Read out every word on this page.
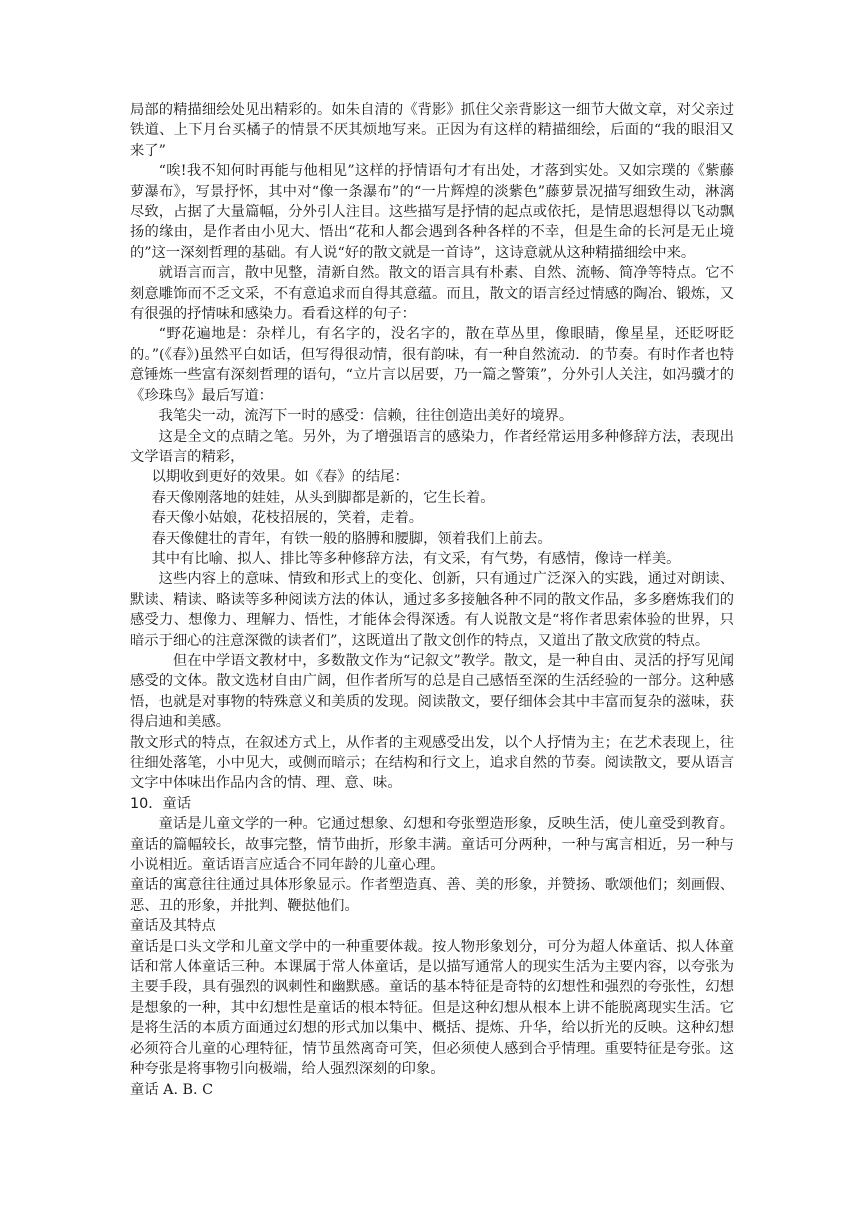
局部的精描细绘处见出精彩的。如朱自清的《背影》抓住父亲背影这一细节大做文章，对父亲过铁道、上下月台买橘子的情景不厌其烦地写来。正因为有这样的精描细绘，后面的“我的眼泪又来了”

“唉!我不知何时再能与他相见”这样的抒情语句才有出处，才落到实处。又如宗璞的《紫藤萝瀑布》，写景抒怀，其中对“像一条瀑布”的“一片辉煌的淡紫色”藤萝景况描写细致生动，淋漓尽致，占据了大量篇幅，分外引人注目。这些描写是抒情的起点或依托，是情思遐想得以飞动飘扬的缘由，是作者由小见大、悟出“花和人都会遇到各种各样的不幸，但是生命的长河是无止境的”这一深刻哲理的基础。有人说“好的散文就是一首诗”，这诗意就从这种精描细绘中来。

就语言而言，散中见整，清新自然。散文的语言具有朴素、自然、流畅、简净等特点。它不刻意雕饰而不乏文采，不有意追求而自得其意蕴。而且，散文的语言经过情感的陶冶、锻炼，又有很强的抒情味和感染力。看看这样的句子：

“野花遍地是：杂样儿，有名字的，没名字的，散在草丛里，像眼睛，像星星，还眨呀眨的。”(《春》)虽然平白如话，但写得很动情，很有韵味，有一种自然流动．的节奏。有时作者也特意锤炼一些富有深刻哲理的语句，“立片言以居要，乃一篇之警策”，分外引人关注，如冯骥才的《珍珠鸟》最后写道：

我笔尖一动，流泻下一时的感受：信赖，往往创造出美好的境界。

这是全文的点睛之笔。另外，为了增强语言的感染力，作者经常运用多种修辞方法，表现出文学语言的精彩，

以期收到更好的效果。如《春》的结尾：

春天像刚落地的娃娃，从头到脚都是新的，它生长着。

春天像小姑娘，花枝招展的，笑着，走着。

春天像健壮的青年，有铁一般的胳膊和腰脚，领着我们上前去。

其中有比喻、拟人、排比等多种修辞方法，有文采，有气势，有感情，像诗一样美。

这些内容上的意味、情致和形式上的变化、创新，只有通过广泛深入的实践，通过对朗读、默读、精读、略读等多种阅读方法的体认，通过多多接触各种不同的散文作品，多多磨炼我们的感受力、想像力、理解力、悟性，才能体会得深透。有人说散文是“将作者思索体验的世界，只暗示于细心的注意深微的读者们”，这既道出了散文创作的特点，又道出了散文欣赏的特点。

但在中学语文教材中，多数散文作为“记叙文”教学。散文，是一种自由、灵活的抒写见闻感受的文体。散文选材自由广阔，但作者所写的总是自己感悟至深的生活经验的一部分。这种感悟，也就是对事物的特殊意义和美质的发现。阅读散文，要仔细体会其中丰富而复杂的滋味，获得启迪和美感。

散文形式的特点，在叙述方式上，从作者的主观感受出发，以个人抒情为主；在艺术表现上，往往细处落笔，小中见大，或侧而暗示；在结构和行文上，追求自然的节奏。阅读散文，要从语言文字中体味出作品内含的情、理、意、味。

10．童话

童话是儿童文学的一种。它通过想象、幻想和夸张塑造形象，反映生活，使儿童受到教育。童话的篇幅较长，故事完整，情节曲折，形象丰满。童话可分两种，一种与寓言相近，另一种与小说相近。童话语言应适合不同年龄的儿童心理。

童话的寓意往往通过具体形象显示。作者塑造真、善、美的形象，并赞扬、歌颂他们；刻画假、恶、丑的形象，并批判、鞭挞他们。

童话及其特点

童话是口头文学和儿童文学中的一种重要体裁。按人物形象划分，可分为超人体童话、拟人体童话和常人体童话三种。本课属于常人体童话，是以描写通常人的现实生活为主要内容，以夸张为主要手段，具有强烈的讽刺性和幽默感。童话的基本特征是奇特的幻想性和强烈的夸张性，幻想是想象的一种，其中幻想性是童话的根本特征。但是这种幻想从根本上讲不能脱离现实生活。它是将生活的本质方面通过幻想的形式加以集中、概括、提炼、升华，给以折光的反映。这种幻想必须符合儿童的心理特征，情节虽然离奇可笑，但必须使人感到合乎情理。重要特征是夸张。这种夸张是将事物引向极端，给人强烈深刻的印象。

童话 A. B. C
